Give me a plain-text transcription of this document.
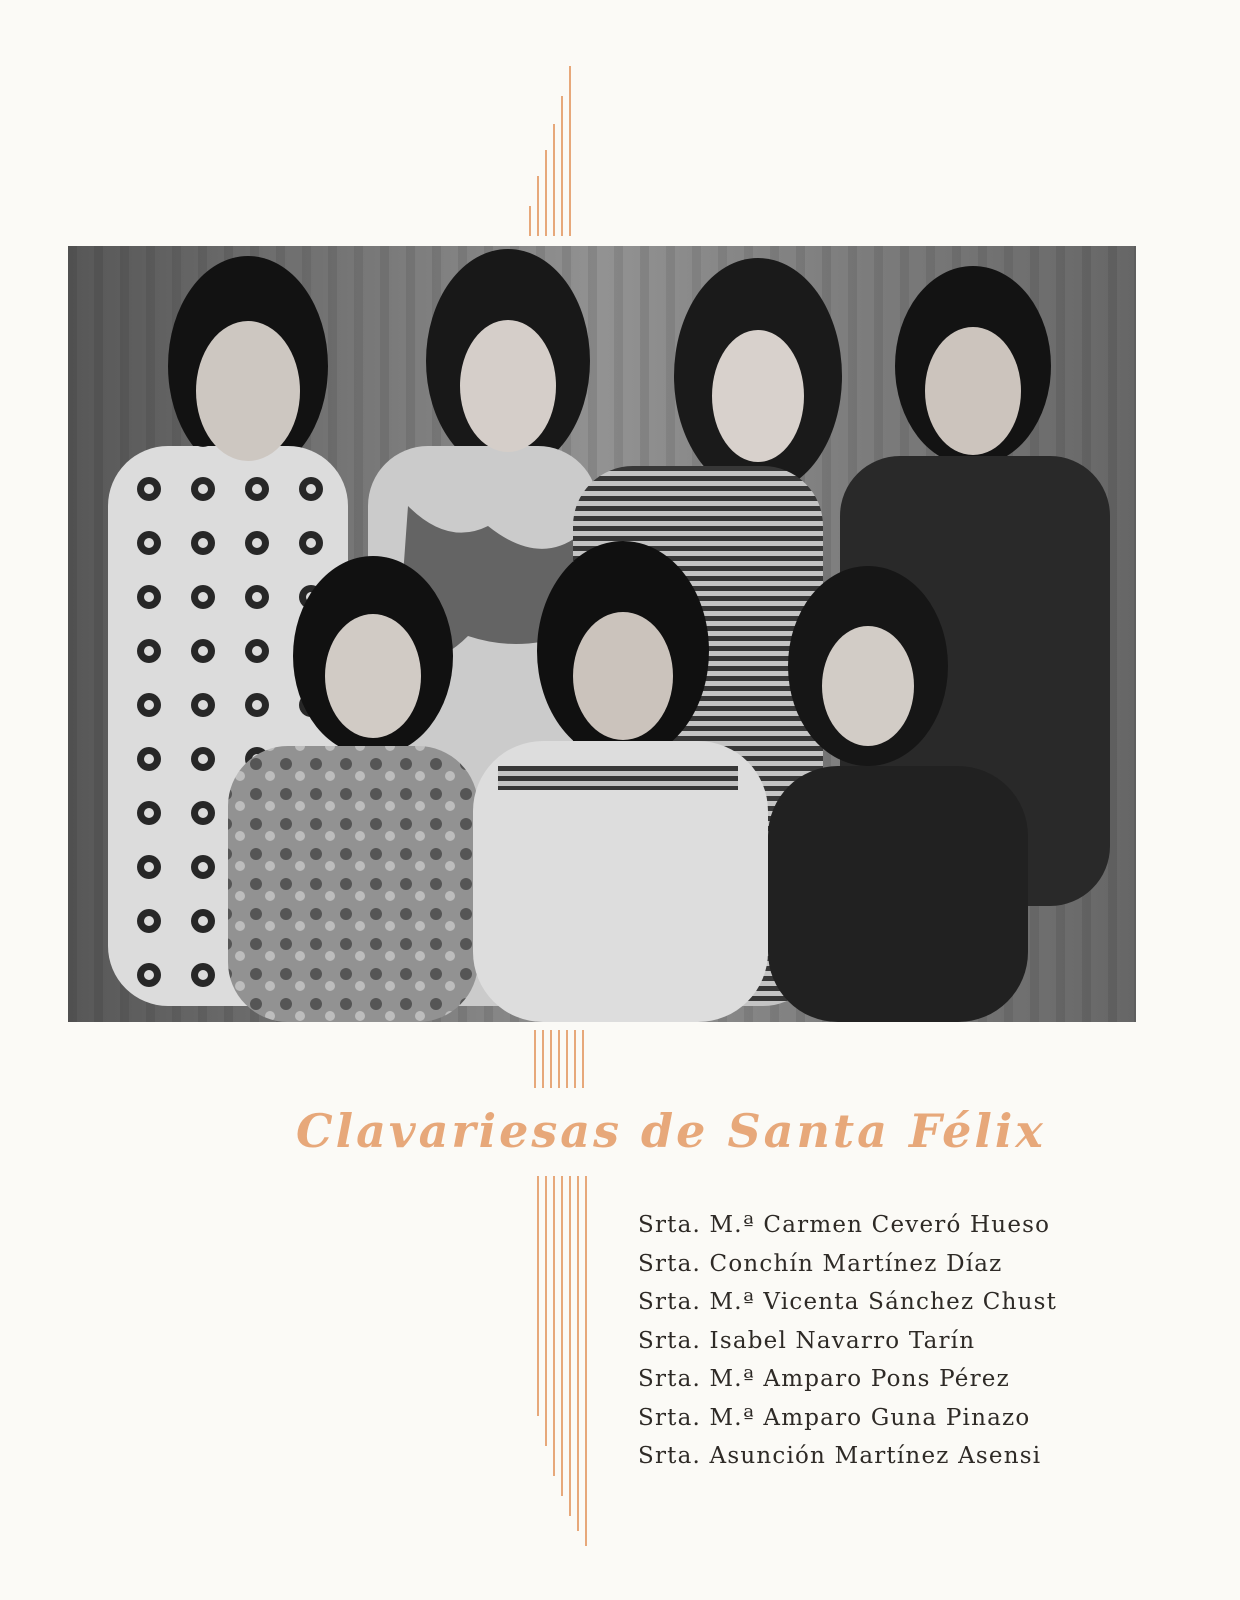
Clavariesas de Santa Félix
Srta. M.ª Carmen Ceveró Hueso
Srta. Conchín Martínez Díaz
Srta. M.ª Vicenta Sánchez Chust
Srta. Isabel Navarro Tarín
Srta. M.ª Amparo Pons Pérez
Srta. M.ª Amparo Guna Pinazo
Srta. Asunción Martínez Asensi
